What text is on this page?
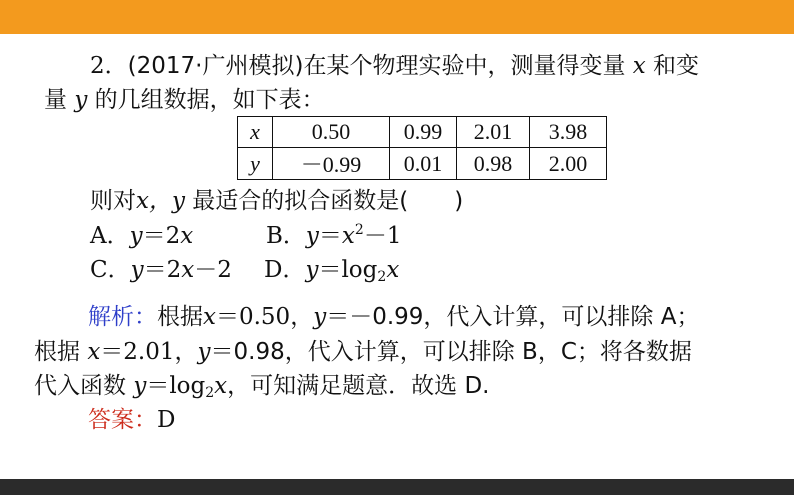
2．(2017·广州模拟)在某个物理实验中，测量得变量 x 和变
量 y 的几组数据，如下表：
x	0.50	0.99	2.01	3.98
y	－0.99	0.01	0.98	2.00
则对x，y 最适合的拟合函数是(　　)
A．y＝2x	B．$y=x^2-1$
C．y＝2x－2 D．$y=\log_2x$
解析：根据x＝0.50，y＝－0.99，代入计算，可以排除 A；
根据 x＝2.01，y＝0.98，代入计算，可以排除 B，C；将各数据
代入函数 $y=\log_2x$，可知满足题意．故选 D.
答案：D
